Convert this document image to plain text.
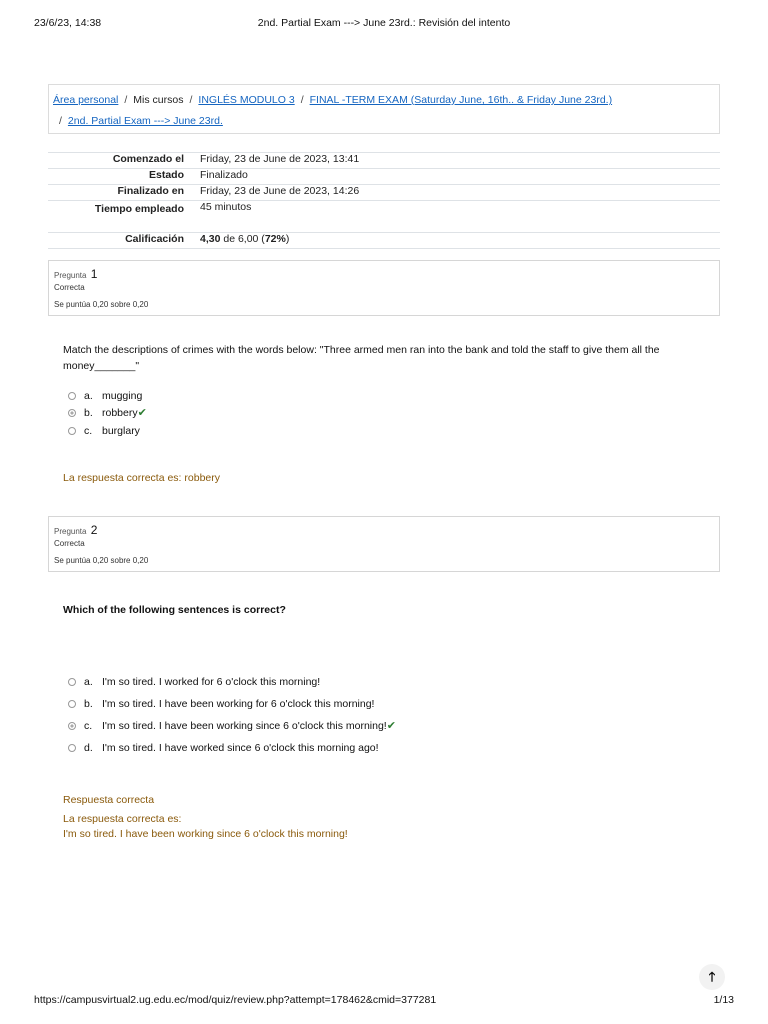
23/6/23, 14:38	2nd. Partial Exam ---> June 23rd.: Revisión del intento
Área personal / Mis cursos / INGLÉS MODULO 3 / FINAL -TERM EXAM (Saturday June, 16th.. & Friday June 23rd.)
/ 2nd. Partial Exam ---> June 23rd.
Comenzado el	Friday, 23 de June de 2023, 13:41
Estado	Finalizado
Finalizado en	Friday, 23 de June de 2023, 14:26
Tiempo empleado	45 minutos
Calificación	4,30 de 6,00 (72%)
Pregunta 1
Correcta
Se puntúa 0,20 sobre 0,20
Match the descriptions of crimes with the words below: "Three armed men ran into the bank and told the staff to give them all the money_______"
a. mugging
b. robbery✔
c. burglary
La respuesta correcta es: robbery
Pregunta 2
Correcta
Se puntúa 0,20 sobre 0,20
Which of the following sentences is correct?
a. I'm so tired. I worked for 6 o'clock this morning!
b. I'm so tired. I have been working for 6 o'clock this morning!
c. I'm so tired. I have been working since 6 o'clock this morning!✔
d. I'm so tired. I have worked since 6 o'clock this morning ago!
Respuesta correcta
La respuesta correcta es:
I'm so tired. I have been working since 6 o'clock this morning!
🡑
https://campusvirtual2.ug.edu.ec/mod/quiz/review.php?attempt=178462&cmid=377281	1/13
